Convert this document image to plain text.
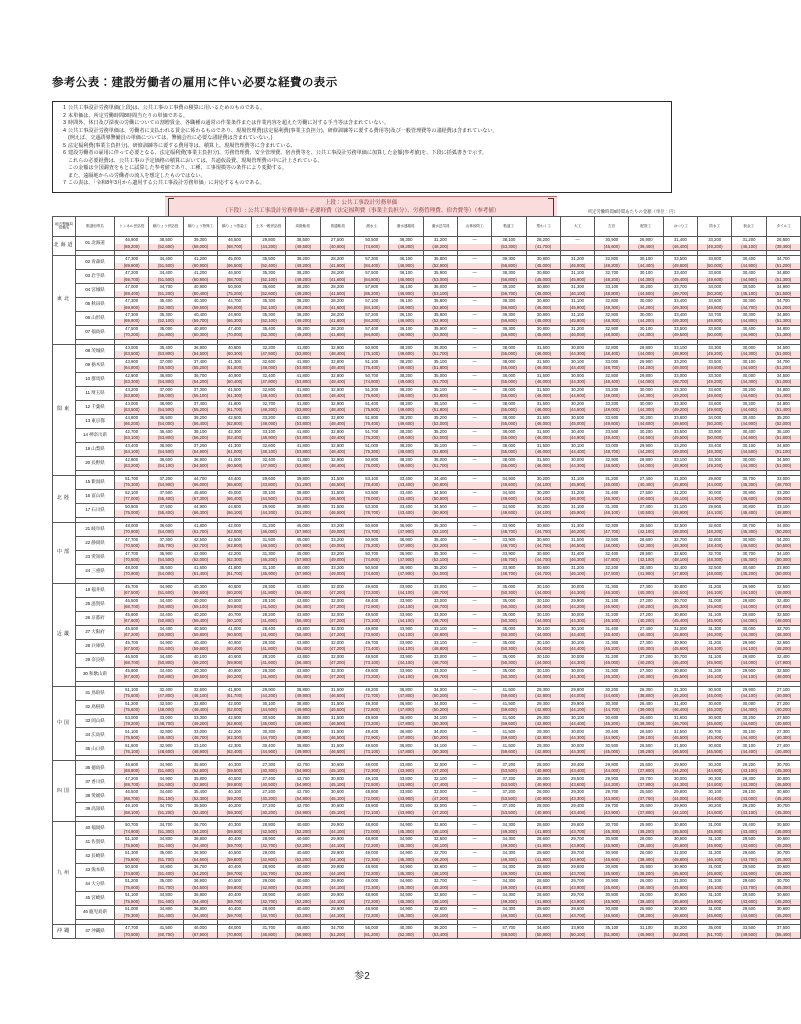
参考公表：建設労働者の雇用に伴い必要な経費の表示
1 公共工事設計労務単価(上段)は、公共工事の工事費の積算に用いるためのものである。
2 本単価は、所定労働時間8時間当たりの単価である。
3 時間外、休日及び深夜の労働についての割増賃金、各職種の通常の作業条件または作業内容を超えた労働に対する手当等は含まれていない。
4 公共工事設計労務単価は、労働者に支払われる賃金に係わるものであり、現場管理費(法定福利費(事業主負担分)、研修訓練等に要する費用等)及び一般管理費等の諸経費は含まれていない。
(例えば、交通誘導警備員の単価については、警備会社に必要な諸経費は含まれていない。)
5 法定福利費(事業主負担分)、研修訓練等に要する費用等は、積算上、現場管理費等に含まれている。
6 建設労働者の雇用に伴って必要となる、法定福利費(事業主負担分)、労務管理費、安全管理費、宿舎費等を、公共工事設計労務単価に加算した金額(参考値)を、下段に括弧書きで示す。
これらの必要経費は、公共工事の予定価格の積算においては、共通仮設費、現場管理費の中に計上されている。
この金額は全国調査をもとに試算した参考値であり、工種、工事規模等の条件により変動する。
また、遠隔地からの労働者の流入を想定したものではない。
7 この表は、「令和8年3月から適用する公共工事設計労務単価」に対応するものである。
上段：公共工事設計労務単価
（下段）: 公共工事設計労務単価＋必要経費（法定福利費（事業主負担分）、労務管理費、宿舎費等）（参考値）	所定労働時間8時間あたりの金額（単位：円）
地方整備局管轄名	都道府県名	トンネル世話役	橋りょう世話役	橋りょう特殊工	橋りょう塗装工	土木一般世話役	高級船員	普通船員	潜水士	潜水連絡員	潜水送気員	山林砂防工	軌道工	型わく工	大工	左官	配管工	はつり工	防水工	板金工	タイル工

北海道	01 北海道	46,900	38,500	39,300	46,500	29,800	38,500	27,500	50,500	38,300	31,200	—	38,100	28,200	—	30,900	26,900	31,400	33,200	31,200	26,600
		(69,200)	(52,600)	(58,000)	(68,700)	(44,200)	(49,500)	(40,600)	(74,600)	(49,200)	(46,200)		(53,300)	(41,700)		(45,600)	(39,400)	(46,400)	(49,200)	(46,100)	(39,300)

東北	02 青森県	47,300	34,400	41,200	45,000	35,500	38,200	28,200	57,300	36,100	35,800	—	39,300	30,800	31,200	32,800	30,100	33,500	33,800	30,400	34,700
		(69,900)	(51,500)	(60,900)	(66,500)	(52,400)	(49,200)	(41,600)	(84,400)	(46,900)	(52,900)		(56,800)	(45,000)	(46,000)	(48,200)	(44,400)	(49,600)	(50,000)	(44,900)	(51,200)
	03 岩手県	47,200	34,400	41,200	46,500	35,300	38,200	28,200	57,500	36,100	35,900	—	39,300	30,800	31,100	32,700	30,100	33,400	33,600	30,400	34,800
		(69,700)	(51,500)	(60,900)	(68,700)	(52,100)	(49,200)	(41,600)	(84,800)	(46,900)	(53,000)		(56,800)	(45,000)	(45,900)	(48,200)	(44,300)	(49,400)	(49,600)	(44,900)	(51,300)
	04 宮城県	47,000	34,700	40,900	50,000	35,600	38,200	28,200	57,800	36,100	36,000	—	39,200	30,800	31,300	33,100	30,200	33,700	34,000	30,500	34,900
		(69,400)	(51,200)	(60,400)	(75,200)	(52,600)	(49,200)	(41,600)	(85,200)	(46,900)	(53,100)		(56,700)	(45,000)	(46,100)	(48,800)	(44,500)	(49,700)	(50,200)	(45,100)	(51,500)
	05 秋田県	47,300	35,400	40,300	44,700	35,300	38,200	28,200	57,100	36,100	35,800	—	39,300	30,800	31,100	32,800	30,000	33,400	33,600	30,300	34,700
		(69,900)	(52,300)	(59,500)	(66,000)	(52,100)	(49,200)	(41,600)	(84,100)	(46,900)	(52,900)		(56,800)	(45,000)	(45,900)	(48,300)	(44,200)	(49,300)	(49,600)	(44,700)	(51,200)
	06 山形県	47,300	35,300	40,400	44,900	35,300	38,200	28,200	57,200	36,100	35,800	—	39,300	30,800	31,100	32,800	30,000	33,400	33,700	30,300	34,800
		(69,900)	(52,100)	(59,700)	(66,300)	(52,100)	(49,200)	(41,600)	(84,200)	(46,900)	(52,900)		(56,800)	(45,000)	(45,900)	(48,300)	(44,200)	(49,300)	(49,800)	(44,800)	(51,300)
	07 福島県	47,500	35,000	40,800	47,400	35,400	38,200	28,200	57,400	36,100	35,900	—	39,300	30,800	31,200	32,900	30,100	33,500	33,800	30,400	34,800
		(70,200)	(51,800)	(60,300)	(70,000)	(52,300)	(49,200)	(41,600)	(84,600)	(46,900)	(53,000)		(56,800)	(45,000)	(46,000)	(48,500)	(44,300)	(49,500)	(50,000)	(44,900)	(51,300)

関東	08 茨城県	43,000	35,400	36,900	40,800	32,200	41,800	32,800	50,900	38,200	35,000	—	38,000	31,500	30,000	32,800	29,800	33,100	33,300	30,000	34,500
		(63,500)	(53,800)	(54,500)	(60,300)	(47,500)	(53,800)	(48,400)	(75,100)	(49,600)	(51,700)		(55,000)	(46,000)	(44,300)	(48,400)	(44,000)	(48,900)	(49,200)	(44,300)	(51,000)
	09 栃木県	43,900	37,000	37,400	41,300	32,600	41,800	32,800	51,100	38,200	35,100	—	38,000	31,500	30,100	33,000	29,900	33,200	33,500	30,100	34,700
		(64,800)	(55,500)	(55,200)	(61,000)	(48,000)	(53,800)	(48,400)	(75,400)	(49,600)	(51,800)		(55,000)	(46,000)	(44,400)	(48,700)	(44,200)	(49,000)	(49,500)	(44,500)	(51,200)
	10 群馬県	42,900	36,800	36,700	40,900	32,400	41,800	32,800	50,700	38,200	35,000	—	38,000	31,500	30,000	32,800	29,800	33,000	33,300	30,000	34,500
		(63,300)	(54,800)	(54,200)	(60,400)	(47,800)	(53,800)	(48,400)	(74,800)	(49,600)	(51,700)		(55,000)	(46,000)	(44,300)	(48,400)	(44,000)	(48,700)	(49,200)	(44,300)	(51,000)
	11 埼玉県	43,200	37,000	37,300	41,500	32,800	41,800	32,800	51,200	38,200	35,100	—	38,000	31,500	30,200	33,200	30,000	33,300	33,600	30,200	34,800
		(63,800)	(55,000)	(55,100)	(61,300)	(48,400)	(53,800)	(48,400)	(75,600)	(49,600)	(51,800)		(55,000)	(46,000)	(44,600)	(49,000)	(44,300)	(49,200)	(49,600)	(44,600)	(51,400)
	12 千葉県	43,000	36,900	37,400	41,800	32,700	41,800	32,800	51,400	38,200	35,100	—	38,000	31,500	30,200	33,200	30,000	33,300	33,600	30,200	34,800
		(63,500)	(54,500)	(55,200)	(61,700)	(48,200)	(53,800)	(48,400)	(75,800)	(49,600)	(51,800)		(55,000)	(46,000)	(44,600)	(49,000)	(44,300)	(49,200)	(49,600)	(44,600)	(51,400)
	13 東京都	44,800	36,500	38,200	42,500	33,200	41,800	32,800	51,800	38,200	35,200	—	38,000	31,500	30,500	33,600	30,200	33,600	34,000	30,400	35,200
		(66,200)	(54,000)	(56,400)	(62,800)	(49,000)	(53,800)	(48,400)	(76,400)	(49,600)	(52,000)		(55,000)	(46,000)	(45,000)	(49,600)	(44,600)	(49,600)	(50,200)	(44,900)	(52,000)
	14 神奈川県	42,700	36,400	38,100	42,300	33,100	41,800	32,800	51,700	38,200	35,200	—	38,000	31,500	30,400	33,500	30,200	33,500	33,900	30,400	35,100
		(63,100)	(53,800)	(56,200)	(62,400)	(48,900)	(53,800)	(48,400)	(76,200)	(49,600)	(52,000)		(55,000)	(46,000)	(44,900)	(49,400)	(44,500)	(49,500)	(50,000)	(44,900)	(51,800)
	19 山梨県	43,400	36,900	37,200	41,300	32,600	41,800	32,800	51,000	38,200	35,100	—	38,000	31,500	30,100	33,000	29,900	33,200	33,400	30,100	34,600
		(64,100)	(54,500)	(54,900)	(61,000)	(48,100)	(53,800)	(48,400)	(75,300)	(49,600)	(51,800)		(55,000)	(46,000)	(44,400)	(48,700)	(44,200)	(49,000)	(49,300)	(44,500)	(51,100)
	20 長野県	42,800	36,600	36,900	41,000	32,400	41,800	32,800	50,800	38,200	35,000	—	38,000	31,500	30,000	32,900	29,800	33,100	33,300	30,000	34,500
		(63,200)	(54,100)	(54,500)	(60,500)	(47,800)	(53,800)	(48,400)	(75,000)	(49,600)	(51,700)		(55,000)	(46,000)	(44,300)	(48,500)	(44,000)	(48,900)	(49,200)	(44,300)	(51,000)

北陸	15 新潟県	51,700	37,200	44,700	44,400	29,600	39,800	31,500	53,100	33,400	34,400	—	34,500	30,200	31,100	31,200	27,400	31,000	29,800	30,700	33,000
		(76,300)	(54,900)	(66,000)	(65,600)	(43,800)	(51,200)	(46,500)	(78,400)	(43,400)	(50,800)		(49,600)	(44,100)	(45,900)	(46,000)	(40,400)	(45,800)	(44,000)	(45,300)	(48,700)
	16 富山県	52,100	37,500	45,600	45,000	30,100	39,800	31,500	53,500	33,400	34,500	—	34,500	30,200	31,200	31,400	27,500	31,200	30,000	30,900	33,200
		(77,000)	(55,400)	(67,300)	(66,400)	(44,500)	(51,200)	(46,500)	(79,000)	(43,400)	(50,900)		(49,600)	(44,100)	(46,000)	(46,300)	(40,600)	(46,100)	(44,300)	(45,600)	(49,000)
	17 石川県	50,800	37,500	44,900	44,800	29,900	39,800	31,500	53,300	33,400	34,500	—	34,500	30,200	31,100	31,300	27,400	31,100	29,900	30,800	33,100
		(75,000)	(55,400)	(66,300)	(66,100)	(44,200)	(51,200)	(46,500)	(78,700)	(43,400)	(50,900)		(49,600)	(44,100)	(45,900)	(46,100)	(40,500)	(45,900)	(44,100)	(45,400)	(48,800)

中部	21 岐阜県	48,000	36,600	41,800	42,000	31,200	45,000	33,200	50,600	36,900	35,300	—	33,900	30,600	31,300	32,300	28,500	32,500	32,600	30,700	34,000
		(70,900)	(54,000)	(61,700)	(62,000)	(46,000)	(57,900)	(49,000)	(74,700)	(47,900)	(52,100)		(48,700)	(44,700)	(46,200)	(47,700)	(42,100)	(48,000)	(48,200)	(45,300)	(50,200)
	22 静岡県	47,700	37,300	42,500	42,500	31,500	45,000	33,200	50,900	36,900	35,400	—	33,900	30,600	31,500	32,500	28,600	32,700	32,800	30,800	34,200
		(70,500)	(55,700)	(62,700)	(62,800)	(46,500)	(57,900)	(49,000)	(75,200)	(47,900)	(52,200)		(48,700)	(44,700)	(46,500)	(48,000)	(42,300)	(48,300)	(48,400)	(45,500)	(50,500)
	23 愛知県	47,700	36,900	42,000	42,200	31,300	45,000	33,200	50,700	36,900	35,300	—	33,900	30,600	31,400	32,400	28,500	32,600	32,700	30,700	34,100
		(70,500)	(54,500)	(62,000)	(62,300)	(46,200)	(57,900)	(49,000)	(74,900)	(47,900)	(52,100)		(48,700)	(44,700)	(46,300)	(47,800)	(42,100)	(48,100)	(48,300)	(45,300)	(50,300)
	24 三重県	48,000	36,500	41,600	41,800	31,100	45,000	33,200	50,500	36,900	35,200	—	33,900	30,600	31,200	32,200	28,400	32,400	32,500	30,600	33,900
		(70,900)	(54,000)	(61,400)	(61,700)	(45,900)	(57,900)	(49,000)	(74,600)	(47,900)	(52,000)		(48,700)	(44,700)	(46,100)	(47,500)	(41,900)	(47,800)	(48,000)	(45,200)	(50,000)

近畿	18 福井県	45,700	34,900	40,300	40,800	28,300	43,800	32,000	49,600	33,900	33,000	—	35,000	30,100	30,000	31,300	27,300	30,800	31,200	29,900	32,500
		(67,500)	(51,600)	(59,500)	(60,200)	(41,800)	(56,400)	(47,200)	(73,200)	(44,100)	(48,700)		(50,300)	(44,000)	(44,300)	(46,200)	(40,300)	(45,500)	(46,100)	(44,100)	(48,000)
	25 滋賀県	46,500	34,400	40,000	40,500	28,100	43,800	32,000	49,400	33,900	33,000	—	35,000	30,100	29,900	31,100	27,200	30,700	31,000	29,800	32,400
		(68,700)	(50,800)	(59,100)	(59,800)	(41,500)	(56,400)	(47,200)	(72,900)	(44,100)	(48,700)		(50,300)	(44,000)	(44,200)	(45,900)	(40,200)	(45,300)	(45,800)	(44,000)	(47,800)
	26 京都府	45,800	34,400	40,200	40,700	28,200	43,800	32,000	49,500	33,900	33,000	—	35,000	30,100	30,000	31,200	27,200	30,800	31,100	29,800	32,500
		(67,600)	(50,800)	(59,400)	(60,100)	(41,600)	(56,400)	(47,200)	(73,100)	(44,100)	(48,700)		(50,300)	(44,000)	(44,300)	(46,100)	(40,200)	(45,400)	(45,900)	(44,000)	(48,000)
	27 大阪府	45,500	34,400	40,500	41,000	28,400	43,800	32,000	49,800	33,900	33,100	—	35,000	30,100	30,100	31,400	27,400	31,000	31,300	30,000	32,700
		(67,200)	(50,800)	(59,800)	(60,500)	(41,900)	(56,400)	(47,200)	(73,500)	(44,100)	(48,800)		(50,300)	(44,000)	(44,400)	(46,400)	(40,400)	(45,800)	(46,200)	(44,300)	(48,300)
	28 兵庫県	45,700	34,900	40,400	40,900	28,300	43,800	32,000	49,700	33,900	33,100	—	35,000	30,100	30,100	31,300	27,300	30,900	31,200	29,900	32,600
		(67,500)	(51,600)	(59,600)	(60,400)	(41,800)	(56,400)	(47,200)	(73,400)	(44,100)	(48,800)		(50,300)	(44,000)	(44,400)	(46,200)	(40,300)	(45,600)	(46,100)	(44,100)	(48,200)
	29 奈良県	46,500	34,400	40,100	40,600	28,200	43,800	32,000	49,500	33,900	33,000	—	35,000	30,100	30,000	31,200	27,200	30,700	31,100	29,800	32,400
		(68,700)	(50,800)	(59,200)	(59,900)	(41,600)	(56,400)	(47,200)	(73,100)	(44,100)	(48,700)		(50,300)	(44,000)	(44,300)	(46,000)	(40,200)	(45,400)	(45,900)	(44,000)	(47,900)
	30 和歌山県	45,800	34,400	40,300	40,800	28,300	43,800	32,000	49,600	33,900	33,000	—	35,000	30,100	30,000	31,300	27,300	30,800	31,200	29,900	32,500
		(67,600)	(50,800)	(59,500)	(60,200)	(41,800)	(56,400)	(47,200)	(73,200)	(44,100)	(48,700)		(50,300)	(44,000)	(44,300)	(46,200)	(40,300)	(45,500)	(46,100)	(44,100)	(48,000)

中国	31 鳥取県	51,100	32,400	32,600	41,800	29,900	38,800	31,500	49,200	36,800	34,000	—	41,500	29,300	29,800	30,200	26,300	31,300	30,500	29,900	27,100
		(75,500)	(47,800)	(48,100)	(61,700)	(44,200)	(49,900)	(46,500)	(72,700)	(47,800)	(50,200)		(59,600)	(42,800)	(44,000)	(44,600)	(38,800)	(46,200)	(45,000)	(44,100)	(40,000)
	32 島根県	51,200	32,500	32,800	42,000	30,100	38,800	31,500	49,300	36,800	34,000	—	41,500	29,300	29,900	30,300	26,400	31,400	30,600	30,000	27,200
		(75,600)	(48,000)	(48,400)	(62,000)	(44,500)	(49,900)	(46,500)	(72,800)	(47,800)	(50,200)		(59,600)	(42,800)	(44,100)	(44,700)	(39,000)	(46,400)	(45,200)	(44,300)	(40,200)
	33 岡山県	53,000	33,000	33,300	42,500	30,500	38,800	31,500	49,600	36,800	34,100	—	41,500	29,300	30,100	30,600	26,600	31,600	30,900	30,200	27,500
		(78,200)	(48,700)	(49,200)	(62,800)	(45,000)	(49,900)	(46,500)	(73,200)	(47,800)	(50,300)		(59,600)	(42,800)	(44,400)	(45,200)	(39,300)	(46,700)	(45,600)	(44,600)	(40,600)
	34 広島県	51,100	32,800	33,000	42,200	30,300	38,800	31,500	49,400	36,800	34,000	—	41,500	29,300	30,000	30,400	26,500	31,500	30,700	30,100	27,300
		(75,500)	(48,400)	(48,700)	(62,300)	(44,700)	(49,900)	(46,500)	(72,900)	(47,800)	(50,200)		(59,600)	(42,800)	(44,300)	(44,900)	(39,100)	(46,500)	(45,300)	(44,400)	(40,300)
	35 山口県	51,500	32,900	33,100	42,300	30,400	38,800	31,500	49,500	36,800	34,100	—	41,500	29,300	30,000	30,500	26,500	31,500	30,800	30,100	27,400
		(76,100)	(48,600)	(48,900)	(62,400)	(44,900)	(49,900)	(46,500)	(73,100)	(47,800)	(50,300)		(59,600)	(42,800)	(44,300)	(45,000)	(39,200)	(46,500)	(45,500)	(44,400)	(40,400)

四国	36 徳島県	46,600	34,900	35,600	40,300	27,300	42,700	30,600	49,000	33,800	32,000	—	37,200	28,000	29,400	29,800	25,600	29,900	30,200	29,200	30,700
		(68,800)	(51,600)	(52,600)	(59,500)	(40,300)	(54,900)	(45,100)	(72,300)	(43,900)	(47,200)		(53,500)	(40,900)	(43,400)	(44,000)	(37,800)	(44,200)	(44,600)	(43,100)	(45,300)
	37 香川県	47,200	34,900	35,800	40,500	27,400	42,700	30,600	49,100	33,800	32,100	—	37,200	28,000	29,500	29,900	25,700	30,000	30,300	29,300	30,800
		(69,700)	(51,600)	(52,900)	(59,800)	(40,500)	(54,900)	(45,100)	(72,500)	(43,900)	(47,400)		(53,500)	(40,900)	(43,600)	(44,200)	(37,900)	(44,300)	(44,800)	(43,300)	(45,500)
	38 愛媛県	46,500	34,600	35,400	40,100	27,200	42,700	30,600	48,800	33,800	32,000	—	37,200	28,000	29,300	29,700	25,500	29,800	30,100	29,100	30,600
		(68,700)	(51,100)	(52,300)	(59,200)	(40,200)	(54,900)	(45,100)	(72,000)	(43,900)	(47,200)		(53,500)	(40,900)	(43,300)	(43,800)	(37,700)	(44,000)	(44,400)	(43,000)	(45,200)
	39 高知県	46,100	34,700	35,500	40,200	27,200	42,700	30,600	48,900	33,800	32,000	—	37,200	28,000	29,400	29,700	25,600	29,900	30,200	29,200	30,700
		(68,100)	(51,200)	(52,400)	(59,300)	(40,200)	(54,900)	(45,100)	(72,100)	(43,900)	(47,200)		(53,500)	(40,900)	(43,400)	(43,900)	(37,800)	(44,100)	(44,600)	(43,100)	(45,300)

九州	40 福岡県	50,700	34,700	36,700	40,300	28,800	40,600	29,900	48,800	34,900	32,600	—	34,300	28,600	29,600	30,700	25,900	30,800	31,000	29,400	30,500
		(74,900)	(51,300)	(54,200)	(59,500)	(42,500)	(52,200)	(44,100)	(72,000)	(45,300)	(48,100)		(49,300)	(41,800)	(43,700)	(45,300)	(38,200)	(45,500)	(45,800)	(43,400)	(45,000)
	41 佐賀県	51,100	34,800	36,800	40,400	28,900	40,600	29,900	48,900	34,900	32,600	—	34,300	28,600	29,700	30,800	26,000	30,900	31,100	29,500	30,600
		(75,500)	(51,400)	(54,400)	(59,700)	(42,700)	(52,200)	(44,100)	(72,200)	(45,300)	(48,100)		(49,300)	(41,800)	(43,900)	(45,500)	(38,400)	(45,600)	(45,900)	(43,600)	(45,200)
	42 長崎県	51,300	35,000	36,900	40,500	29,000	40,600	29,900	49,000	34,900	32,700	—	34,300	28,600	29,700	30,900	26,000	31,000	31,200	29,600	30,700
		(75,800)	(51,700)	(54,500)	(59,800)	(42,800)	(52,200)	(44,100)	(72,300)	(45,300)	(48,200)		(49,300)	(41,800)	(43,900)	(45,600)	(38,400)	(45,800)	(46,100)	(43,700)	(45,300)
	43 熊本県	50,500	34,800	36,700	40,400	28,900	40,600	29,900	48,900	34,900	32,600	—	34,300	28,600	29,600	30,800	25,900	30,900	31,000	29,500	30,600
		(74,600)	(51,400)	(54,200)	(59,700)	(42,700)	(52,200)	(44,100)	(72,200)	(45,300)	(48,100)		(49,300)	(41,800)	(43,700)	(45,500)	(38,200)	(45,600)	(45,800)	(43,600)	(45,200)
	44 大分県	51,200	35,000	36,900	40,500	29,000	40,600	29,900	49,000	34,900	32,700	—	34,300	28,600	29,700	30,900	26,000	31,000	31,200	29,600	30,700
		(75,600)	(51,700)	(54,500)	(59,800)	(42,800)	(52,200)	(44,100)	(72,300)	(45,300)	(48,200)		(49,300)	(41,800)	(43,900)	(45,600)	(38,400)	(45,800)	(46,100)	(43,700)	(45,300)
	45 宮崎県	51,100	34,800	36,800	40,400	28,900	40,600	29,900	48,900	34,900	32,600	—	34,300	28,600	29,700	30,800	26,000	30,900	31,100	29,500	30,600
		(75,500)	(51,400)	(54,400)	(59,700)	(42,700)	(52,200)	(44,100)	(72,200)	(45,300)	(48,100)		(49,300)	(41,800)	(43,900)	(45,500)	(38,400)	(45,600)	(45,900)	(43,600)	(45,200)
	46 鹿児島県	51,000	34,800	36,800	40,400	28,900	40,600	29,900	48,900	34,900	32,600	—	34,300	28,600	29,600	30,800	25,900	30,900	31,000	29,500	30,600
		(75,300)	(51,400)	(54,400)	(59,700)	(42,700)	(52,200)	(44,100)	(72,200)	(45,300)	(48,100)		(49,300)	(41,800)	(43,700)	(45,500)	(38,200)	(45,600)	(45,800)	(43,600)	(45,200)

沖縄	47 沖縄県	47,700	41,500	46,000	48,000	31,700	45,800	34,700	55,000	40,300	36,200	—	47,700	34,800	33,900	35,100	31,100	35,200	35,000	33,500	37,500
		(70,500)	(60,700)	(67,900)	(70,800)	(46,800)	(58,900)	(51,200)	(81,200)	(52,300)	(53,400)		(68,500)	(50,800)	(50,100)	(51,800)	(45,900)	(52,000)	(51,700)	(49,500)	(55,400)
参2
